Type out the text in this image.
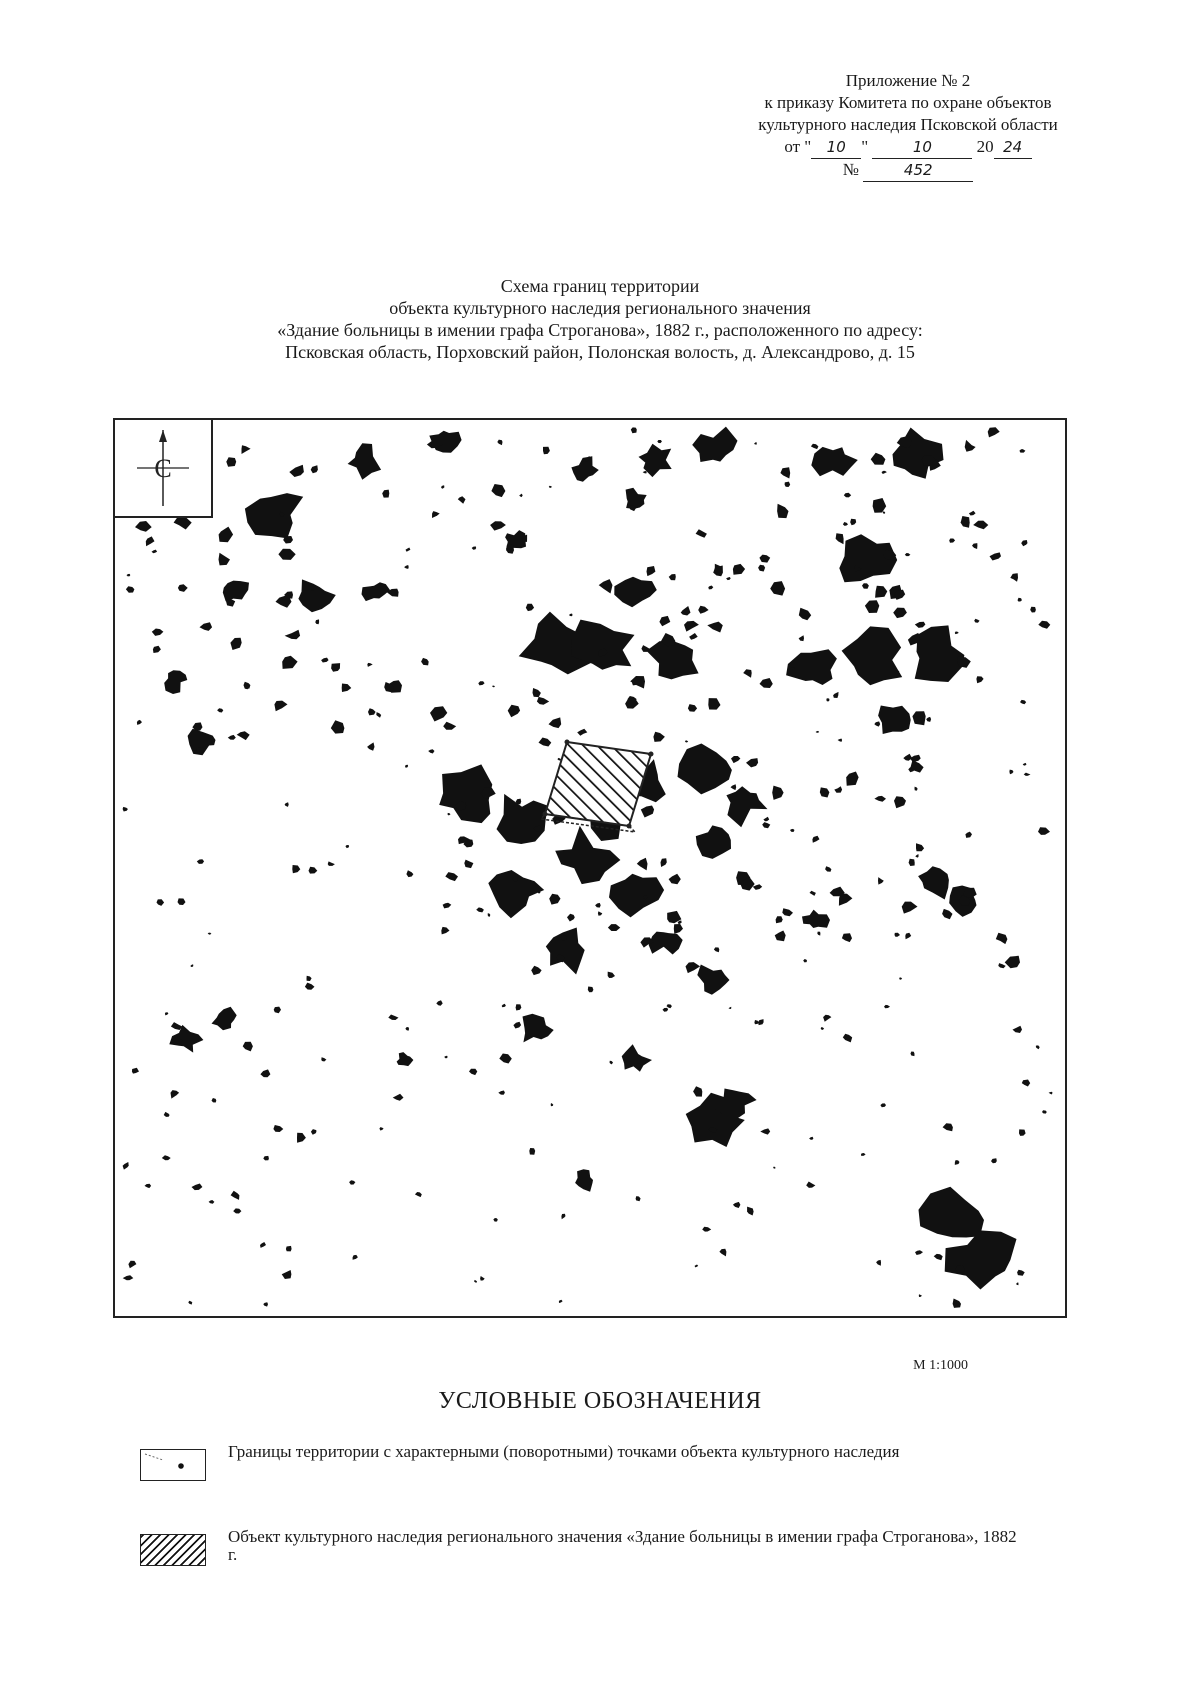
Приложение № 2
к приказу Комитета по охране объектов
культурного наследия Псковской области
от " 10 "	10	20 24
№	452
Схема границ территории
объекта культурного наследия регионального значения
«Здание больницы в имении графа Строганова», 1882 г., расположенного по адресу:
Псковская область, Порховский район, Полонская волость, д. Александрово, д. 15
С
М 1:1000
УСЛОВНЫЕ ОБОЗНАЧЕНИЯ
Границы территории с характерными (поворотными) точками объекта культурного наследия
Объект культурного наследия регионального значения «Здание больницы в имении графа Строганова», 1882 г.
